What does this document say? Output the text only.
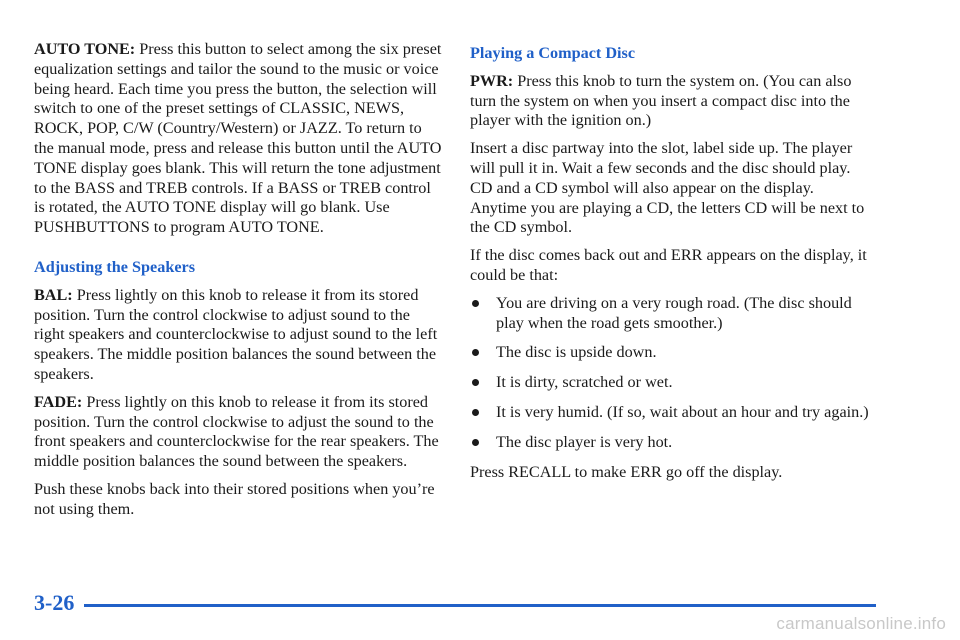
AUTO TONE: Press this button to select among the six preset equalization settings and tailor the sound to the music or voice being heard. Each time you press the button, the selection will switch to one of the preset settings of CLASSIC, NEWS, ROCK, POP, C/W (Country/Western) or JAZZ. To return to the manual mode, press and release this button until the AUTO TONE display goes blank. This will return the tone adjustment to the BASS and TREB controls. If a BASS or TREB control is rotated, the AUTO TONE display will go blank. Use PUSHBUTTONS to program AUTO TONE.

Adjusting the Speakers

BAL: Press lightly on this knob to release it from its stored position. Turn the control clockwise to adjust sound to the right speakers and counterclockwise to adjust sound to the left speakers. The middle position balances the sound between the speakers.

FADE: Press lightly on this knob to release it from its stored position. Turn the control clockwise to adjust the sound to the front speakers and counterclockwise for the rear speakers. The middle position balances the sound between the speakers.

Push these knobs back into their stored positions when you’re not using them.

Playing a Compact Disc

PWR: Press this knob to turn the system on. (You can also turn the system on when you insert a compact disc into the player with the ignition on.)

Insert a disc partway into the slot, label side up. The player will pull it in. Wait a few seconds and the disc should play. CD and a CD symbol will also appear on the display. Anytime you are playing a CD, the letters CD will be next to the CD symbol.

If the disc comes back out and ERR appears on the display, it could be that:

You are driving on a very rough road. (The disc should play when the road gets smoother.)
The disc is upside down.
It is dirty, scratched or wet.
It is very humid. (If so, wait about an hour and try again.)
The disc player is very hot.

Press RECALL to make ERR go off the display.

3-26
carmanualsonline.info
